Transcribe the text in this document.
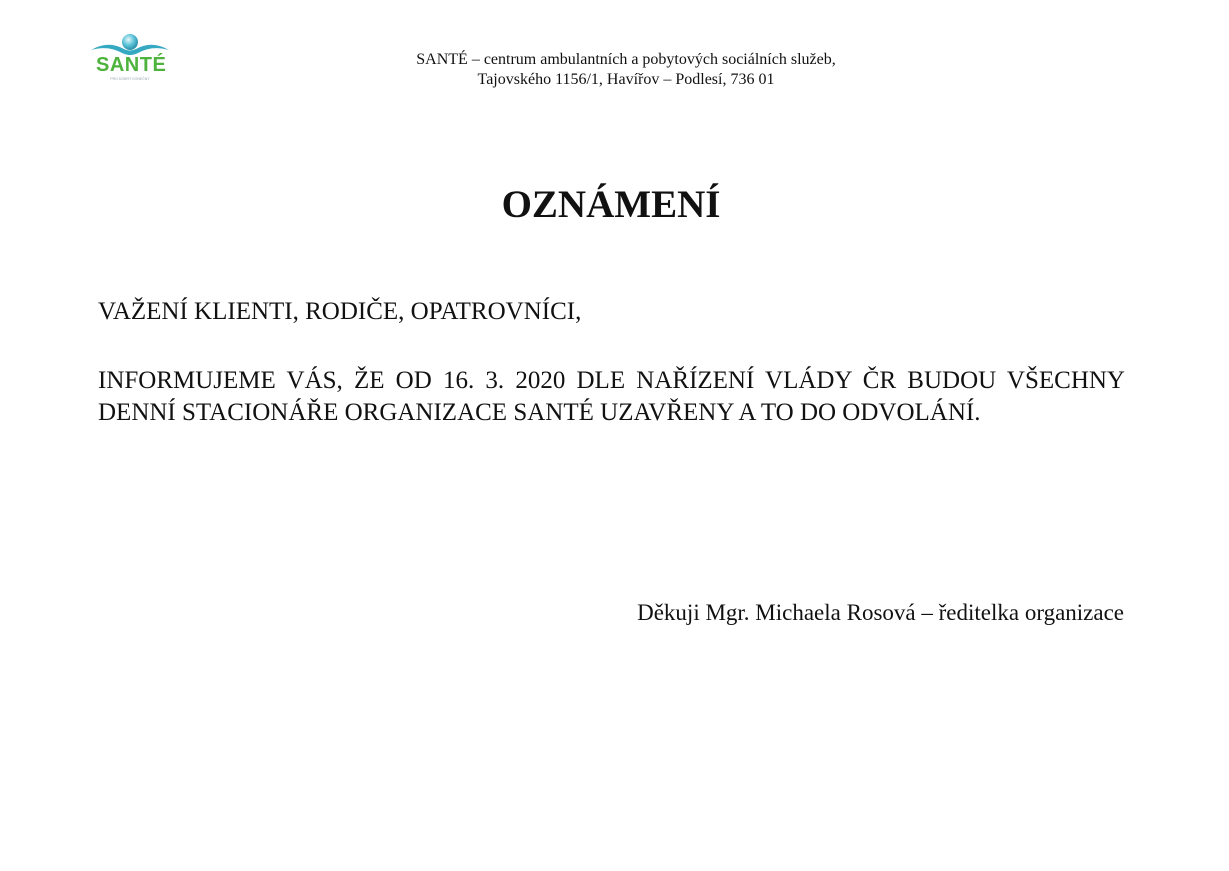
SANTÉ
PRO DOBRÝ KONEČNÝ
SANTÉ – centrum ambulantních a pobytových sociálních služeb,
Tajovského 1156/1, Havířov – Podlesí, 736 01
OZNÁMENÍ

VAŽENÍ KLIENTI, RODIČE, OPATROVNÍCI,

INFORMUJEME VÁS, ŽE OD 16. 3. 2020 DLE NAŘÍZENÍ VLÁDY ČR BUDOU VŠECHNY DENNÍ STACIONÁŘE ORGANIZACE SANTÉ UZAVŘENY A TO DO ODVOLÁNÍ.

Děkuji Mgr. Michaela Rosová – ředitelka organizace
